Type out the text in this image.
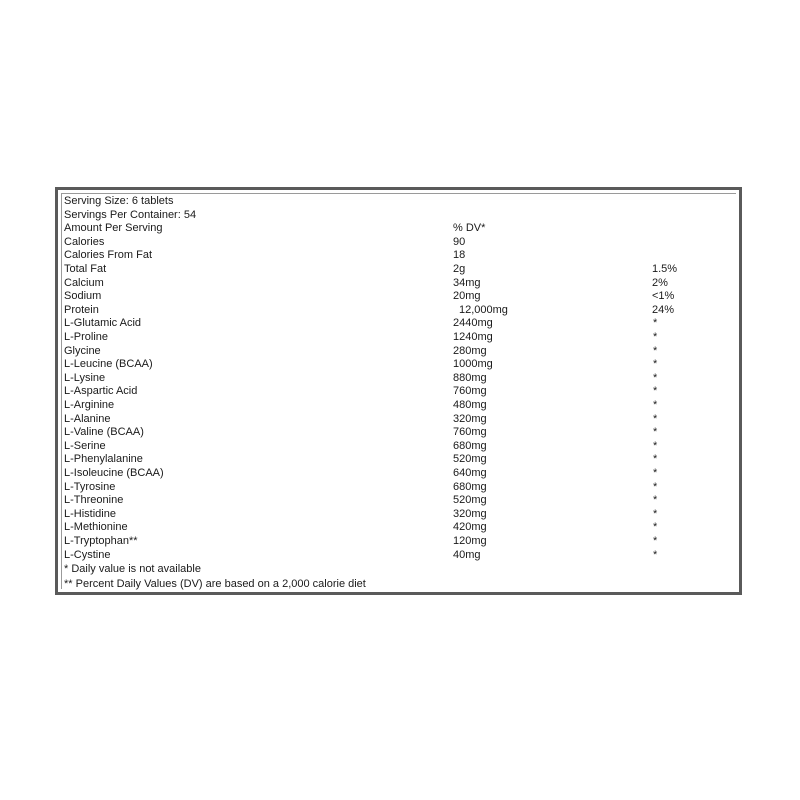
Serving Size: 6 tablets
Servings Per Container: 54
Amount Per Serving	% DV*
Calories	90
Calories From Fat	18
Total Fat	2g	1.5%
Calcium	34mg	2%
Sodium	20mg	<1%
Protein	12,000mg	24%
L-Glutamic Acid	2440mg	*
L-Proline	1240mg	*
Glycine	280mg	*
L-Leucine (BCAA)	1000mg	*
L-Lysine	880mg	*
L-Aspartic Acid	760mg	*
L-Arginine	480mg	*
L-Alanine	320mg	*
L-Valine (BCAA)	760mg	*
L-Serine	680mg	*
L-Phenylalanine	520mg	*
L-Isoleucine (BCAA)	640mg	*
L-Tyrosine	680mg	*
L-Threonine	520mg	*
L-Histidine	320mg	*
L-Methionine	420mg	*
L-Tryptophan**	120mg	*
L-Cystine	40mg	*
* Daily value is not available
** Percent Daily Values (DV) are based on a 2,000 calorie diet
